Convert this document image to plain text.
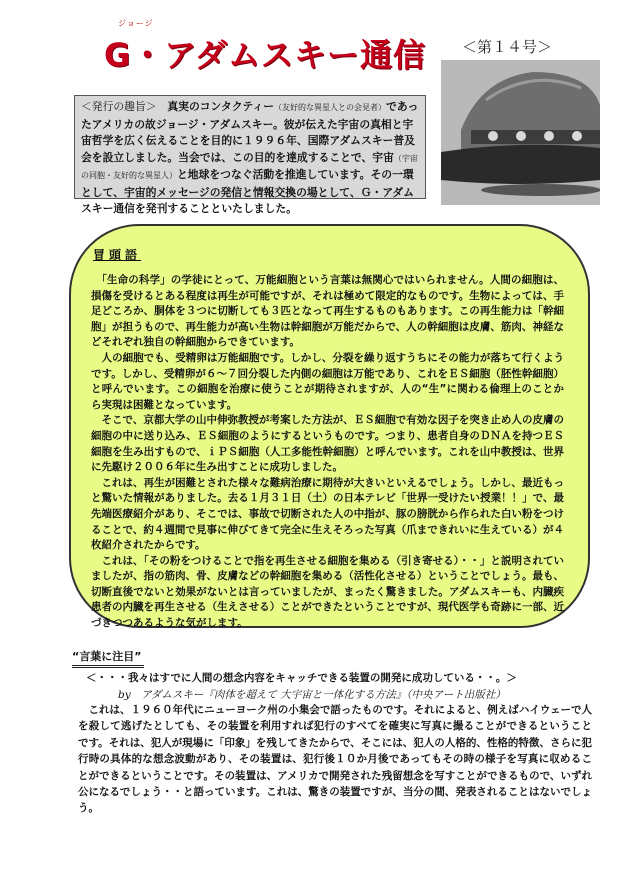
ジョージ
G・アダムスキー通信 ＜第１４号＞

＜発行の趣旨＞　真実のコンタクティー（友好的な異星人との会見者）であったアメリカの故ジョージ・アダムスキー。彼が伝えた宇宙の真相と宇宙哲学を広く伝えることを目的に１９９６年、国際アダムスキー普及会を設立しました。当会では、この目的を達成することで、宇宙（宇宙の同胞・友好的な異星人）と地球をつなぐ活動を推進しています。その一環として、宇宙的メッセージの発信と情報交換の場として、Ｇ・アダムスキー通信を発刊することといたしました。

冒頭語

　「生命の科学」の学徒にとって、万能細胞という言葉は無関心ではいられません。人間の細胞は、損傷を受けるとある程度は再生が可能ですが、それは極めて限定的なものです。生物によっては、手足どころか、胴体を３つに切断しても３匹となって再生するものもあります。この再生能力は「幹細胞」が担うもので、再生能力が高い生物は幹細胞が万能だからで、人の幹細胞は皮膚、筋肉、神経などそれぞれ独自の幹細胞からできています。

　人の細胞でも、受精卵は万能細胞です。しかし、分裂を繰り返すうちにその能力が落ちて行くようです。しかし、受精卵が６～７回分裂した内側の細胞は万能であり、これをＥＳ細胞（胚性幹細胞）と呼んでいます。この細胞を治療に使うことが期待されますが、人の“生”に関わる倫理上のことから実現は困難となっています。

　そこで、京都大学の山中伸弥教授が考案した方法が、ＥＳ細胞で有効な因子を突き止め人の皮膚の細胞の中に送り込み、ＥＳ細胞のようにするというものです。つまり、患者自身のＤＮＡを持つＥＳ細胞を生み出すもので、ｉＰＳ細胞（人工多能性幹細胞）と呼んでいます。これを山中教授は、世界に先駆け２００６年に生み出すことに成功しました。

　これは、再生が困難とされた様々な難病治療に期待が大きいといえるでしょう。しかし、最近もっと驚いた情報がありました。去る１月３１日（土）の日本テレビ「世界一受けたい授業！！」で、最先端医療紹介があり、そこでは、事故で切断された人の中指が、豚の膀胱から作られた白い粉をつけることで、約４週間で見事に伸びてきて完全に生えそろった写真（爪まできれいに生えている）が４枚紹介されたからです。

　これは、「その粉をつけることで指を再生させる細胞を集める（引き寄せる）・・」と説明されていましたが、指の筋肉、骨、皮膚などの幹細胞を集める（活性化させる）ということでしょう。最も、切断直後でないと効果がないとは言っていましたが、まったく驚きました。アダムスキーも、内臓疾患者の内臓を再生させる（生えさせる）ことができたということですが、現代医学も奇跡に一部、近づきつつあるような気がします。

“言葉に注目”
＜・・・我々はすでに人間の想念内容をキャッチできる装置の開発に成功している・・。＞
by　アダムスキー『肉体を超えて 大宇宙と一体化する方法』（中央アート出版社）

　これは、１９６０年代にニューヨーク州の小集会で語ったものです。それによると、例えばハイウェーで人を殺して逃げたとしても、その装置を利用すれば犯行のすべてを確実に写真に撮ることができるということです。それは、犯人が現場に「印象」を残してきたからで、そこには、犯人の人格的、性格的特徴、さらに犯行時の具体的な想念波動があり、その装置は、犯行後１０か月後であってもその時の様子を写真に収めることができるということです。その装置は、アメリカで開発された残留想念を写すことができるもので、いずれ公になるでしょう・・と語っています。これは、驚きの装置ですが、当分の間、発表されることはないでしょう。
